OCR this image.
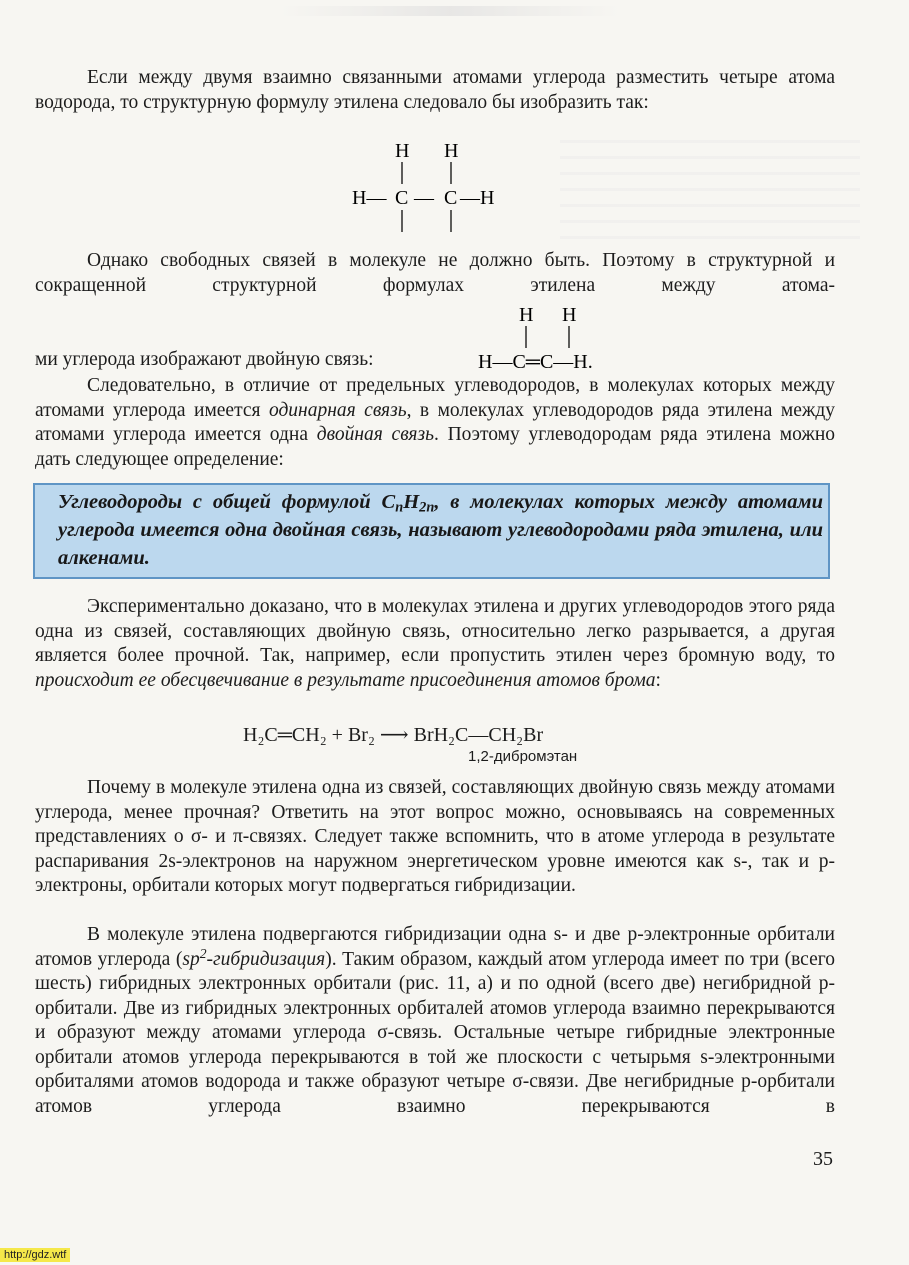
Если между двумя взаимно связанными атомами углерода разместить четыре атома водорода, то структурную формулу этилена следовало бы изобразить так:

H H
H— C — C —H

Однако свободных связей в молекуле не должно быть. Поэтому в структурной и сокращенной структурной формулах этилена между атома-

ми углерода изображают двойную связь:
H H
H—C═C—H.

Следовательно, в отличие от предельных углеводородов, в молекулах которых между атомами углерода имеется одинарная связь, в молекулах углеводородов ряда этилена между атомами углерода имеется одна двойная связь. Поэтому углеводородам ряда этилена можно дать следующее определение:

Углеводороды с общей формулой $C_nH_{2n}$, в молекулах которых между атомами углерода имеется одна двойная связь, называют углеводородами ряда этилена, или алкенами.

Экспериментально доказано, что в молекулах этилена и других углеводородов этого ряда одна из связей, составляющих двойную связь, относительно легко разрывается, а другая является более прочной. Так, например, если пропустить этилен через бромную воду, то происходит ее обесцвечивание в результате присоединения атомов брома:

H₂C═CH₂ + Br₂ ⟶ BrH₂C—CH₂Br
1,2-дибромэтан

Почему в молекуле этилена одна из связей, составляющих двойную связь между атомами углерода, менее прочная? Ответить на этот вопрос можно, основываясь на современных представлениях о σ- и π-связях. Следует также вспомнить, что в атоме углерода в результате распаривания 2s-электронов на наружном энергетическом уровне имеются как s-, так и р-электроны, орбитали которых могут подвергаться гибридизации.

В молекуле этилена подвергаются гибридизации одна s- и две р-электронные орбитали атомов углерода $(sp^2-гибридизация)$. Таким образом, каждый атом углерода имеет по три (всего шесть) гибридных электронных орбитали (рис. 11, а) и по одной (всего две) негибридной р-орбитали. Две из гибридных электронных орбиталей атомов углерода взаимно перекрываются и образуют между атомами углерода σ-связь. Остальные четыре гибридные электронные орбитали атомов углерода перекрываются в той же плоскости с четырьмя s-электронными орбиталями атомов водорода и также образуют четыре σ-связи. Две негибридные р-орбитали атомов углерода взаимно перекрываются в

35
http://gdz.wtf
